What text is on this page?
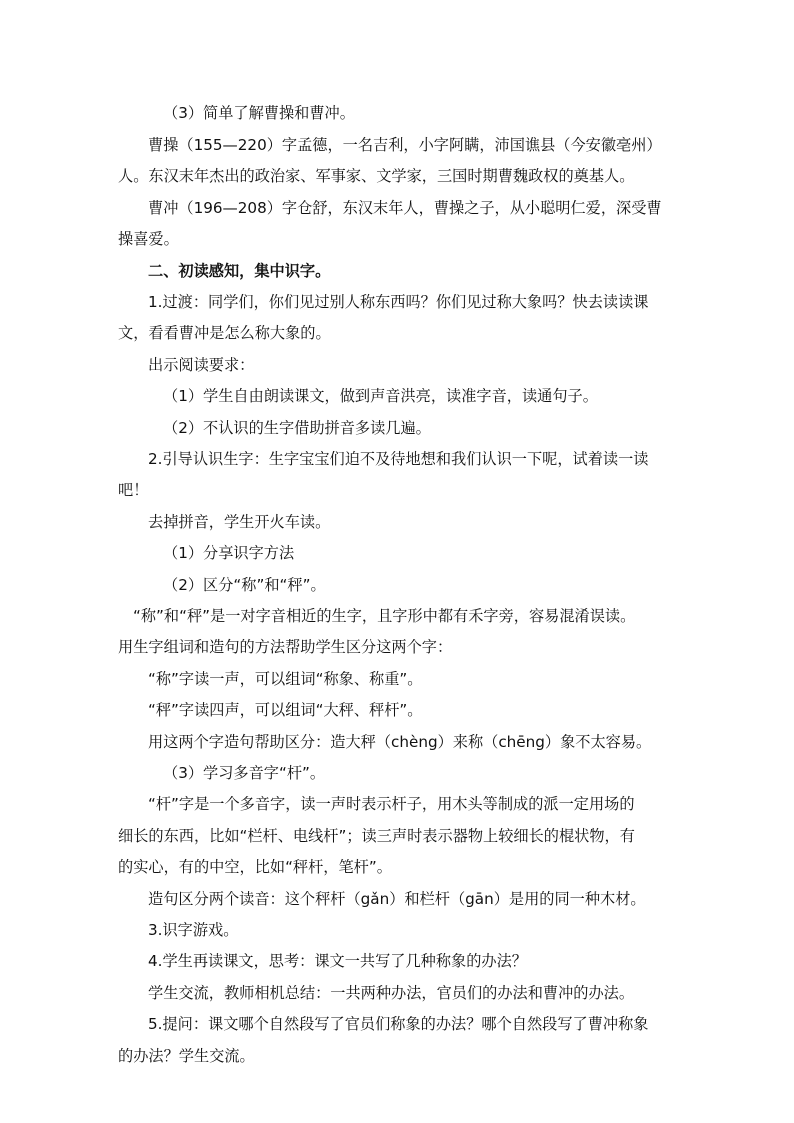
（3）简单了解曹操和曹冲。
曹操（155—220）字孟德，一名吉利，小字阿瞒，沛国谯县（今安徽亳州）
人。东汉末年杰出的政治家、军事家、文学家，三国时期曹魏政权的奠基人。
曹冲（196—208）字仓舒，东汉末年人，曹操之子，从小聪明仁爱，深受曹
操喜爱。
二、初读感知，集中识字。
1.过渡：同学们，你们见过别人称东西吗？你们见过称大象吗？快去读读课
文，看看曹冲是怎么称大象的。
出示阅读要求：
（1）学生自由朗读课文，做到声音洪亮，读准字音，读通句子。
（2）不认识的生字借助拼音多读几遍。
2.引导认识生字：生字宝宝们迫不及待地想和我们认识一下呢，试着读一读
吧！
去掉拼音，学生开火车读。
（1）分享识字方法
（2）区分“称”和“秤”。
“称”和“秤”是一对字音相近的生字，且字形中都有禾字旁，容易混淆误读。
用生字组词和造句的方法帮助学生区分这两个字：
“称”字读一声，可以组词“称象、称重”。
“秤”字读四声，可以组词“大秤、秤杆”。
用这两个字造句帮助区分：造大秤（chèng）来称（chēng）象不太容易。
（3）学习多音字“杆”。
“杆”字是一个多音字，读一声时表示杆子，用木头等制成的派一定用场的
细长的东西，比如“栏杆、电线杆”；读三声时表示器物上较细长的棍状物，有
的实心，有的中空，比如“秤杆，笔杆”。
造句区分两个读音：这个秤杆（gǎn）和栏杆（gān）是用的同一种木材。
3.识字游戏。
4.学生再读课文，思考：课文一共写了几种称象的办法？
学生交流，教师相机总结：一共两种办法，官员们的办法和曹冲的办法。
5.提问：课文哪个自然段写了官员们称象的办法？哪个自然段写了曹冲称象
的办法？学生交流。
